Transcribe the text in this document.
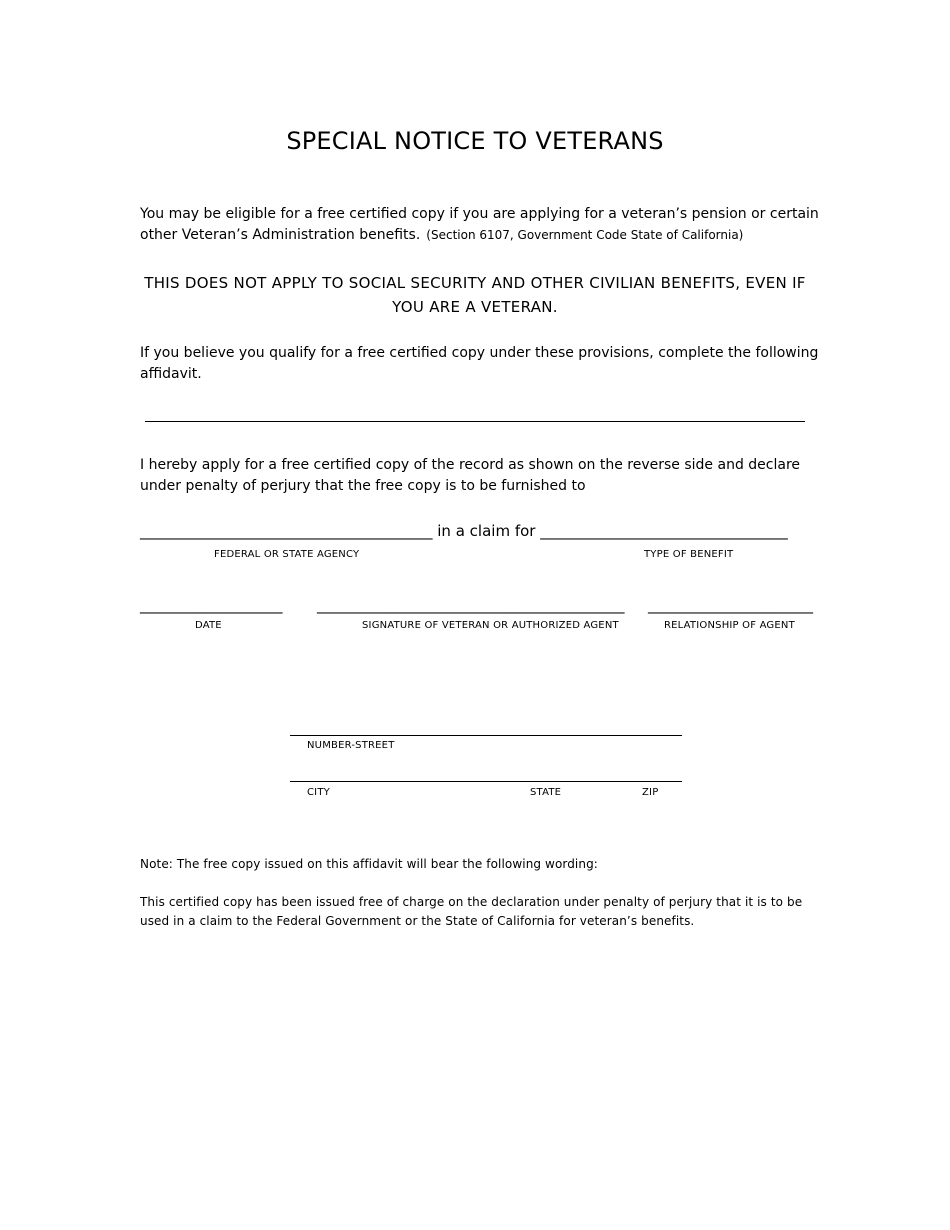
SPECIAL NOTICE TO VETERANS

You may be eligible for a free certified copy if you are applying for a veteran’s pension or certain other Veteran’s Administration benefits. (Section 6107, Government Code State of California)

THIS DOES NOT APPLY TO SOCIAL SECURITY AND OTHER CIVILIAN BENEFITS, EVEN IF YOU ARE A VETERAN.

If you believe you qualify for a free certified copy under these provisions, complete the following affidavit.

I hereby apply for a free certified copy of the record as shown on the reverse side and declare under penalty of perjury that the free copy is to be furnished to

_______________________________________ in a claim for _________________________________
FEDERAL OR STATE AGENCY	TYPE OF BENEFIT
___________________ _________________________________________ ______________________
DATE	SIGNATURE OF VETERAN OR AUTHORIZED AGENT	RELATIONSHIP OF AGENT
NUMBER-STREET
CITY	STATE	ZIP

Note: The free copy issued on this affidavit will bear the following wording:

This certified copy has been issued free of charge on the declaration under penalty of perjury that it is to be used in a claim to the Federal Government or the State of California for veteran’s benefits.
